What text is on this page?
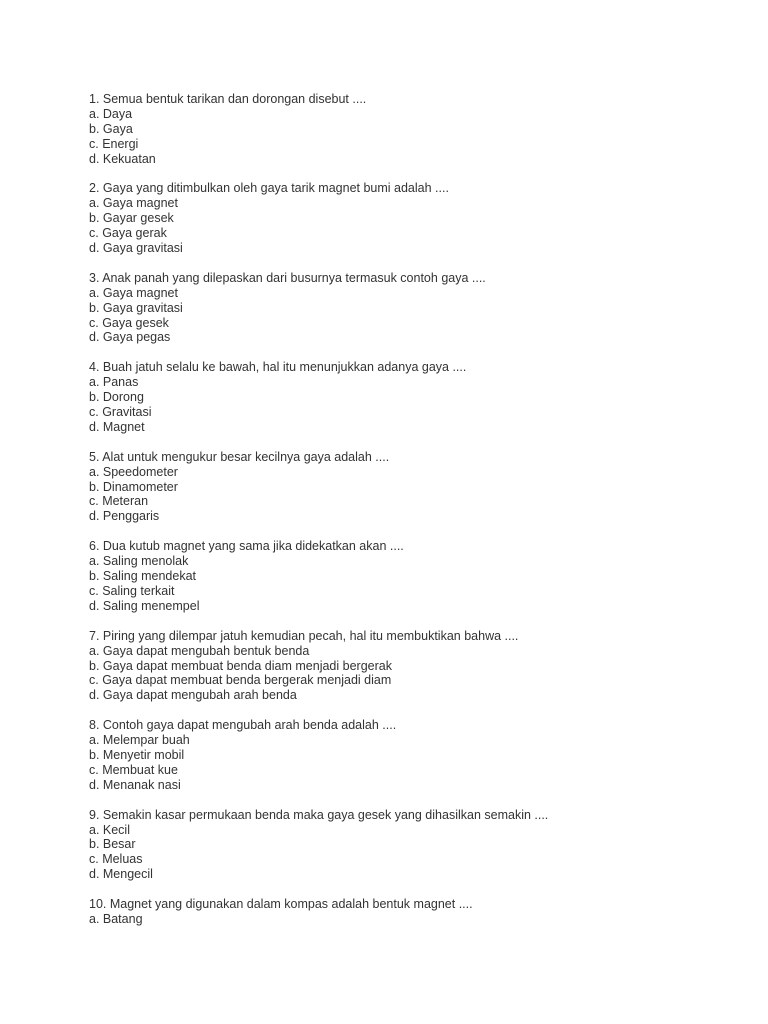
1. Semua bentuk tarikan dan dorongan disebut ....
a. Daya
b. Gaya
c. Energi
d. Kekuatan
2. Gaya yang ditimbulkan oleh gaya tarik magnet bumi adalah ....
a. Gaya magnet
b. Gayar gesek
c. Gaya gerak
d. Gaya gravitasi
3. Anak panah yang dilepaskan dari busurnya termasuk contoh gaya ....
a. Gaya magnet
b. Gaya gravitasi
c. Gaya gesek
d. Gaya pegas
4. Buah jatuh selalu ke bawah, hal itu menunjukkan adanya gaya ....
a. Panas
b. Dorong
c. Gravitasi
d. Magnet
5. Alat untuk mengukur besar kecilnya gaya adalah ....
a. Speedometer
b. Dinamometer
c. Meteran
d. Penggaris
6. Dua kutub magnet yang sama jika didekatkan akan ....
a. Saling menolak
b. Saling mendekat
c. Saling terkait
d. Saling menempel
7. Piring yang dilempar jatuh kemudian pecah, hal itu membuktikan bahwa ....
a. Gaya dapat mengubah bentuk benda
b. Gaya dapat membuat benda diam menjadi bergerak
c. Gaya dapat membuat benda bergerak menjadi diam
d. Gaya dapat mengubah arah benda
8. Contoh gaya dapat mengubah arah benda adalah ....
a. Melempar buah
b. Menyetir mobil
c. Membuat kue
d. Menanak nasi
9. Semakin kasar permukaan benda maka gaya gesek yang dihasilkan semakin ....
a. Kecil
b. Besar
c. Meluas
d. Mengecil
10. Magnet yang digunakan dalam kompas adalah bentuk magnet ....
a. Batang
